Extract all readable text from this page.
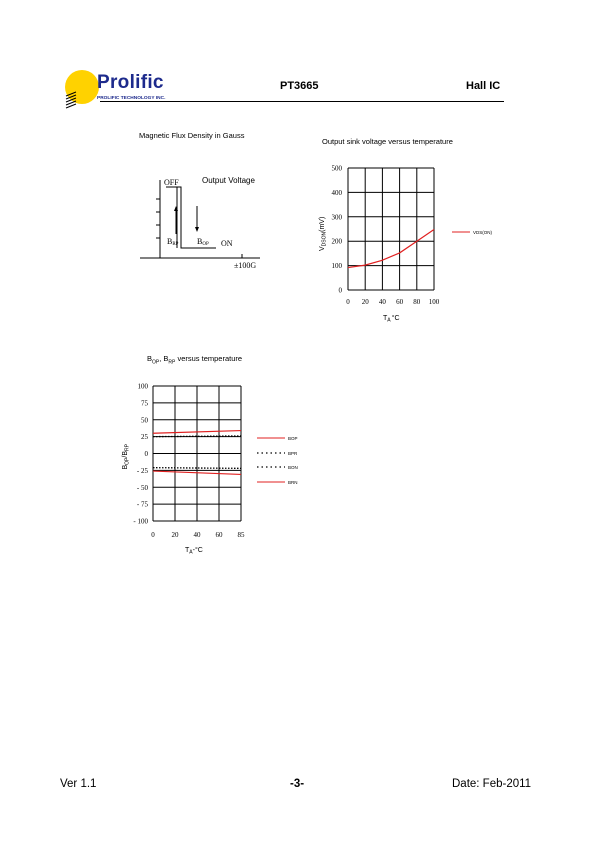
Prolific
PROLIFIC TECHNOLOGY INC.
PT3665	Hall IC
Magnetic Flux Density in Gauss
OFF	Output Voltage
BRP BOP ON
±100G
Output sink voltage versus temperature
0 20 40 60 80 100
0
100
200
300
400
500
VDS(ON)
$T_A$ °C
$V_{DSON}(mV)$
$B_{OP}$, $B_{RP}$ versus temperature
0 20 40 60 85
100
75
50
25
0
- 25
- 50
- 75
- 100
BOP
BPR
BON
BRN
$T_A-^\circ C$
$B_{OP}/B_{RP}$
Ver 1.1	-3-	Date: Feb-2011
